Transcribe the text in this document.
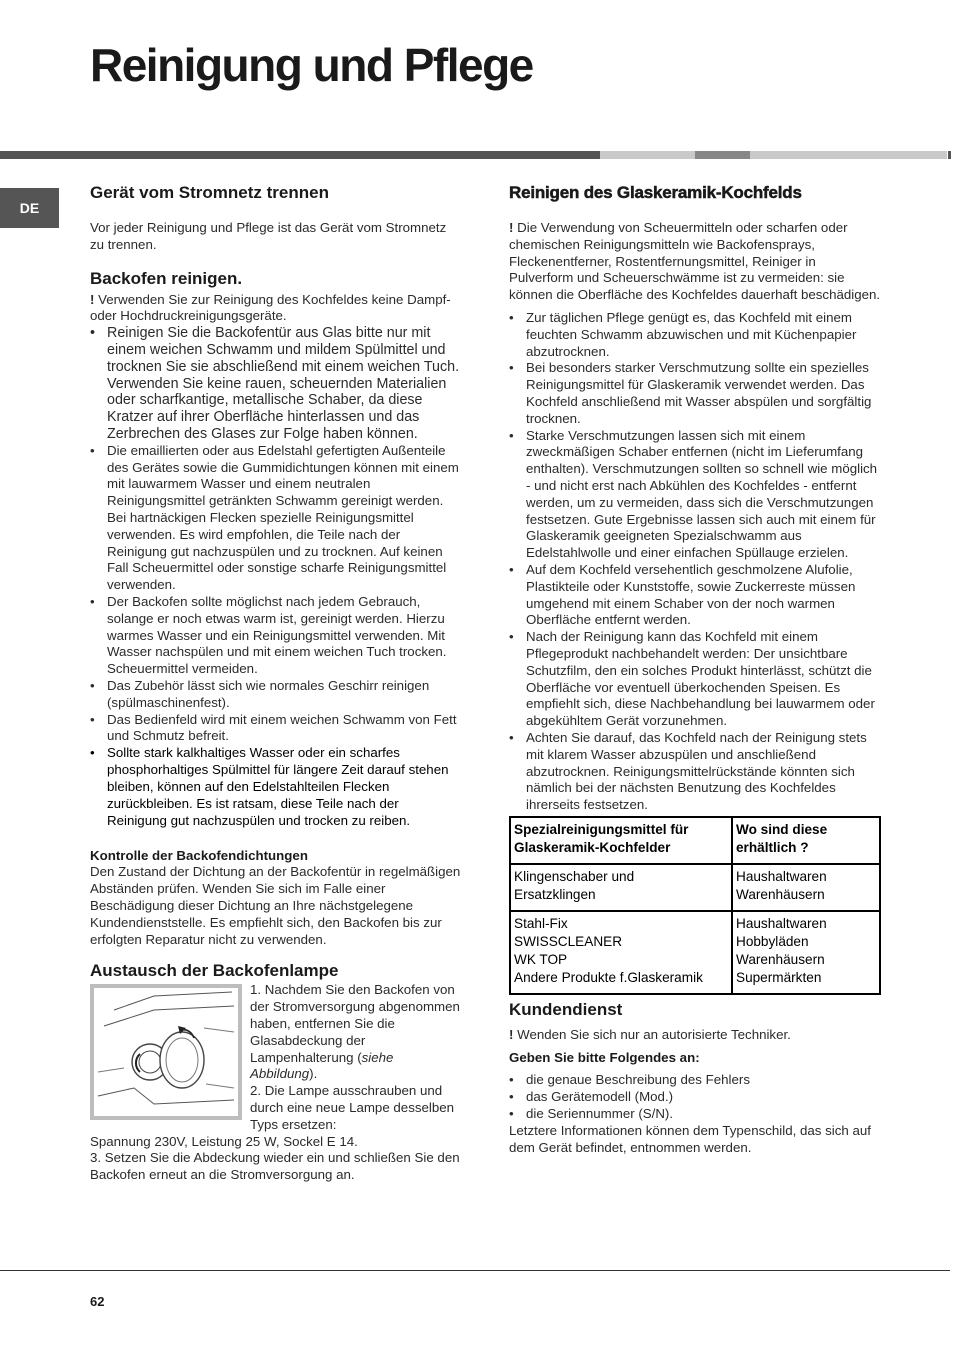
Reinigung und Pflege
DE
Gerät vom Stromnetz trennen

Vor jeder Reinigung und Pflege ist das Gerät vom Stromnetz zu trennen.

Backofen reinigen.

! Verwenden Sie zur Reinigung des Kochfeldes keine Dampf- oder Hochdruckreinigungsgeräte.

• Reinigen Sie die Backofentür aus Glas bitte nur mit einem weichen Schwamm und mildem Spülmittel und trocknen Sie sie abschließend mit einem weichen Tuch. Verwenden Sie keine rauen, scheuernden Materialien oder scharfkantige, metallische Schaber, da diese Kratzer auf ihrer Oberfläche hinterlassen und das Zerbrechen des Glases zur Folge haben können.
• Die emaillierten oder aus Edelstahl gefertigten Außenteile des Gerätes sowie die Gummidichtungen können mit einem mit lauwarmem Wasser und einem neutralen Reinigungsmittel getränkten Schwamm gereinigt werden. Bei hartnäckigen Flecken spezielle Reinigungsmittel verwenden. Es wird empfohlen, die Teile nach der Reinigung gut nachzuspülen und zu trocknen. Auf keinen Fall Scheuermittel oder sonstige scharfe Reinigungsmittel verwenden.
• Der Backofen sollte möglichst nach jedem Gebrauch, solange er noch etwas warm ist, gereinigt werden. Hierzu warmes Wasser und ein Reinigungsmittel verwenden. Mit Wasser nachspülen und mit einem weichen Tuch trocken. Scheuermittel vermeiden.
• Das Zubehör lässt sich wie normales Geschirr reinigen (spülmaschinenfest).
• Das Bedienfeld wird mit einem weichen Schwamm von Fett und Schmutz befreit.
• Sollte stark kalkhaltiges Wasser oder ein scharfes phosphorhaltiges Spülmittel für längere Zeit darauf stehen bleiben, können auf den Edelstahlteilen Flecken zurückbleiben. Es ist ratsam, diese Teile nach der Reinigung gut nachzuspülen und trocken zu reiben.
Kontrolle der Backofendichtungen

Den Zustand der Dichtung an der Backofentür in regelmäßigen Abständen prüfen. Wenden Sie sich im Falle einer Beschädigung dieser Dichtung an Ihre nächstgelegene Kundendienststelle. Es empfiehlt sich, den Backofen bis zur erfolgten Reparatur nicht zu verwenden.

Austausch der Backofenlampe

1. Nachdem Sie den Backofen von der Stromversorgung abgenommen haben, entfernen Sie die Glasabdeckung der Lampenhalterung (siehe Abbildung).

2. Die Lampe ausschrauben und durch eine neue Lampe desselben Typs ersetzen:

Spannung 230V, Leistung 25 W, Sockel E 14.

3. Setzen Sie die Abdeckung wieder ein und schließen Sie den Backofen erneut an die Stromversorgung an.

Reinigen des Glaskeramik-Kochfelds

! Die Verwendung von Scheuermitteln oder scharfen oder chemischen Reinigungsmitteln wie Backofensprays, Fleckenentferner, Rostentfernungsmittel, Reiniger in Pulverform und Scheuerschwämme ist zu vermeiden: sie können die Oberfläche des Kochfeldes dauerhaft beschädigen.

• Zur täglichen Pflege genügt es, das Kochfeld mit einem feuchten Schwamm abzuwischen und mit Küchenpapier abzutrocknen.
• Bei besonders starker Verschmutzung sollte ein spezielles Reinigungsmittel für Glaskeramik verwendet werden. Das Kochfeld anschließend mit Wasser abspülen und sorgfältig trocknen.
• Starke Verschmutzungen lassen sich mit einem zweckmäßigen Schaber entfernen (nicht im Lieferumfang enthalten). Verschmutzungen sollten so schnell wie möglich - und nicht erst nach Abkühlen des Kochfeldes - entfernt werden, um zu vermeiden, dass sich die Verschmutzungen festsetzen. Gute Ergebnisse lassen sich auch mit einem für Glaskeramik geeigneten Spezialschwamm aus Edelstahlwolle und einer einfachen Spüllauge erzielen.
• Auf dem Kochfeld versehentlich geschmolzene Alufolie, Plastikteile oder Kunststoffe, sowie Zuckerreste müssen umgehend mit einem Schaber von der noch warmen Oberfläche entfernt werden.
• Nach der Reinigung kann das Kochfeld mit einem Pflegeprodukt nachbehandelt werden: Der unsichtbare Schutzfilm, den ein solches Produkt hinterlässt, schützt die Oberfläche vor eventuell überkochenden Speisen. Es empfiehlt sich, diese Nachbehandlung bei lauwarmem oder abgekühltem Gerät vorzunehmen.
• Achten Sie darauf, das Kochfeld nach der Reinigung stets mit klarem Wasser abzuspülen und anschließend abzutrocknen. Reinigungsmittelrückstände könnten sich nämlich bei der nächsten Benutzung des Kochfeldes ihrerseits festsetzen.
Spezialreinigungsmittel für Glaskeramik-Kochfelder	Wo sind diese erhältlich ?

Klingenschaber und
Ersatzklingen	Haushaltwaren
Warenhäusern

Stahl-Fix
SWISSCLEANER
WK TOP
Andere Produkte f.Glaskeramik	Haushaltwaren
Hobbyläden
Warenhäusern
Supermärkten
Kundendienst

! Wenden Sie sich nur an autorisierte Techniker.

Geben Sie bitte Folgendes an:
• die genaue Beschreibung des Fehlers
• das Gerätemodell (Mod.)
• die Seriennummer (S/N).

Letztere Informationen können dem Typenschild, das sich auf dem Gerät befindet, entnommen werden.

62
